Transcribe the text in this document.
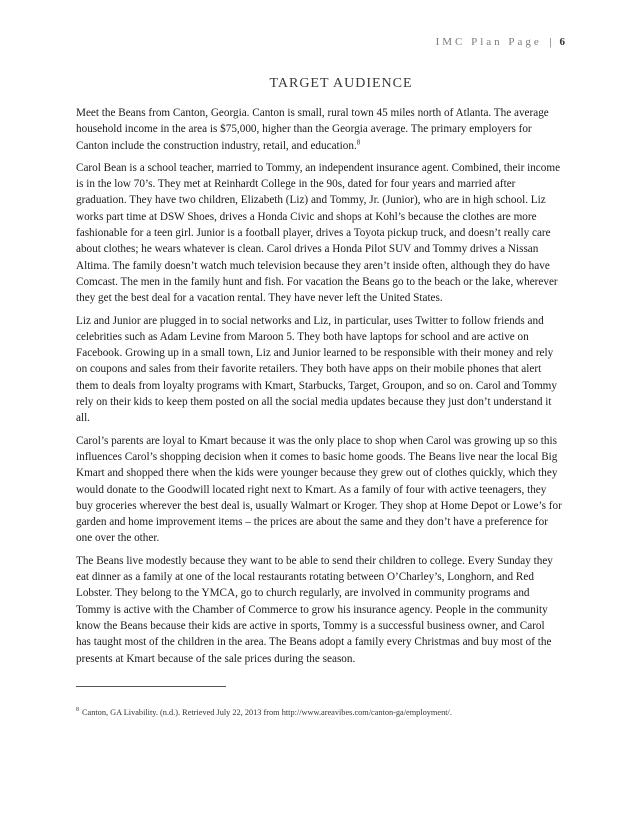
IMC Plan Page | 6
TARGET AUDIENCE

Meet the Beans from Canton, Georgia. Canton is small, rural town 45 miles north of Atlanta. The average household income in the area is $75,000, higher than the Georgia average. The primary employers for Canton include the construction industry, retail, and education.$^8$

Carol Bean is a school teacher, married to Tommy, an independent insurance agent. Combined, their income is in the low 70’s. They met at Reinhardt College in the 90s, dated for four years and married after graduation. They have two children, Elizabeth (Liz) and Tommy, Jr. (Junior), who are in high school. Liz works part time at DSW Shoes, drives a Honda Civic and shops at Kohl’s because the clothes are more fashionable for a teen girl. Junior is a football player, drives a Toyota pickup truck, and doesn’t really care about clothes; he wears whatever is clean. Carol drives a Honda Pilot SUV and Tommy drives a Nissan Altima. The family doesn’t watch much television because they aren’t inside often, although they do have Comcast. The men in the family hunt and fish. For vacation the Beans go to the beach or the lake, wherever they get the best deal for a vacation rental. They have never left the United States.

Liz and Junior are plugged in to social networks and Liz, in particular, uses Twitter to follow friends and celebrities such as Adam Levine from Maroon 5. They both have laptops for school and are active on Facebook. Growing up in a small town, Liz and Junior learned to be responsible with their money and rely on coupons and sales from their favorite retailers. They both have apps on their mobile phones that alert them to deals from loyalty programs with Kmart, Starbucks, Target, Groupon, and so on. Carol and Tommy rely on their kids to keep them posted on all the social media updates because they just don’t understand it all.

Carol’s parents are loyal to Kmart because it was the only place to shop when Carol was growing up so this influences Carol’s shopping decision when it comes to basic home goods. The Beans live near the local Big Kmart and shopped there when the kids were younger because they grew out of clothes quickly, which they would donate to the Goodwill located right next to Kmart. As a family of four with active teenagers, they buy groceries wherever the best deal is, usually Walmart or Kroger. They shop at Home Depot or Lowe’s for garden and home improvement items – the prices are about the same and they don’t have a preference for one over the other.

The Beans live modestly because they want to be able to send their children to college. Every Sunday they eat dinner as a family at one of the local restaurants rotating between O’Charley’s, Longhorn, and Red Lobster. They belong to the YMCA, go to church regularly, are involved in community programs and Tommy is active with the Chamber of Commerce to grow his insurance agency. People in the community know the Beans because their kids are active in sports, Tommy is a successful business owner, and Carol has taught most of the children in the area. The Beans adopt a family every Christmas and buy most of the presents at Kmart because of the sale prices during the season.

$^8$ Canton, GA Livability. (n.d.). Retrieved July 22, 2013 from http://www.areavibes.com/canton-ga/employment/.
